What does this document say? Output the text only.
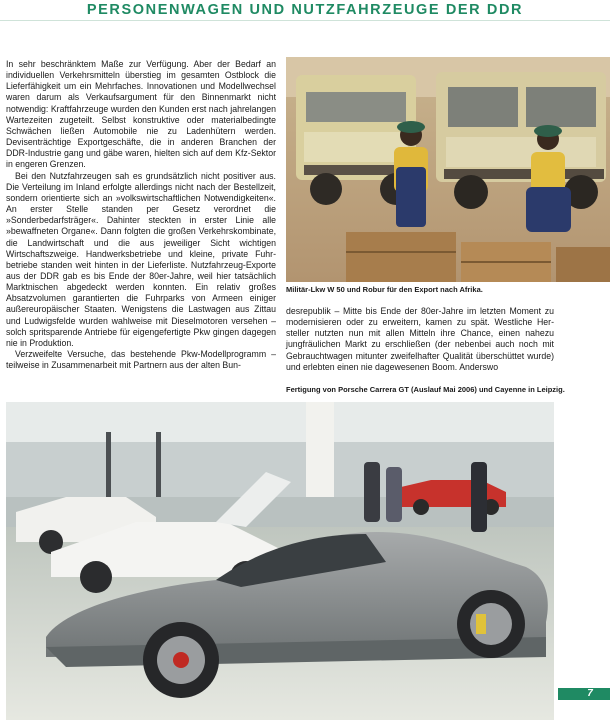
PERSONENWAGEN UND NUTZFAHRZEUGE DER DDR

In sehr beschränktem Maße zur Verfügung. Aber der Bedarf an individuellen Verkehrsmitteln überstieg im gesamten Ostblock die Lieferfähigkeit um ein Mehrfaches. Innovationen und Modellwechsel waren darum als Verkaufsargument für den Binnenmarkt nicht notwendig: Kraftfahrzeuge wurden den Kunden erst nach jahrelangen Wartezeiten zugeteilt. Selbst konstruktive oder materialbedingte Schwächen ließen Automobile nie zu Ladenhütern werden. Devisenträchtige Exportgeschäfte, die in anderen Branchen der DDR-Industrie gang und gäbe waren, hielten sich auf dem Kfz-Sektor in engeren Grenzen.

Bei den Nutzfahrzeugen sah es grundsätzlich nicht positiver aus. Die Verteilung im Inland erfolgte allerdings nicht nach der Bestellzeit, sondern orientierte sich an »volkswirtschaftlichen Notwendigkeiten«. An erster Stelle standen per Gesetz verordnet die »Sonderbedarfsträger«. Dahinter steckten in erster Linie alle »bewaffneten Organe«. Dann folgten die großen Verkehrskombinate, die Landwirtschaft und die aus jeweiliger Sicht wichtigen Wirtschaftszweige. Handwerksbetriebe und kleine, private Fuhrbetriebe standen weit hinten in der Lieferliste. Nutzfahrzeug-Exporte aus der DDR gab es bis Ende der 80er-Jahre, weil hier tatsächlich Marktnischen abgedeckt werden konnten. Ein relativ großes Absatzvolumen garantierten die Fuhrparks von Armeen einiger außereuropäischer Staaten. Wenigstens die Lastwagen aus Zittau und Ludwigsfelde wurden wahlweise mit Dieselmotoren versehen – solch spritsparende Antriebe für eigengefertigte Pkw gingen dagegen nie in Produktion.

Verzweifelte Versuche, das bestehende Pkw-Modellprogramm – teilweise in Zusammenarbeit mit Partnern aus der alten Bun-

Militär-Lkw W 50 und Robur für den Export nach Afrika.

desrepublik – Mitte bis Ende der 80er-Jahre im letzten Moment zu modernisieren oder zu erweitern, kamen zu spät. Westliche Hersteller nutzten nun mit allen Mitteln ihre Chance, einen nahezu jungfräulichen Markt zu erschließen (der nebenbei auch noch mit Gebrauchtwagen mitunter zweifelhafter Qualität überschüttet wurde) und erlebten einen nie dagewesenen Boom. Anderswo

Fertigung von Porsche Carrera GT (Auslauf Mai 2006) und Cayenne in Leipzig.
7
